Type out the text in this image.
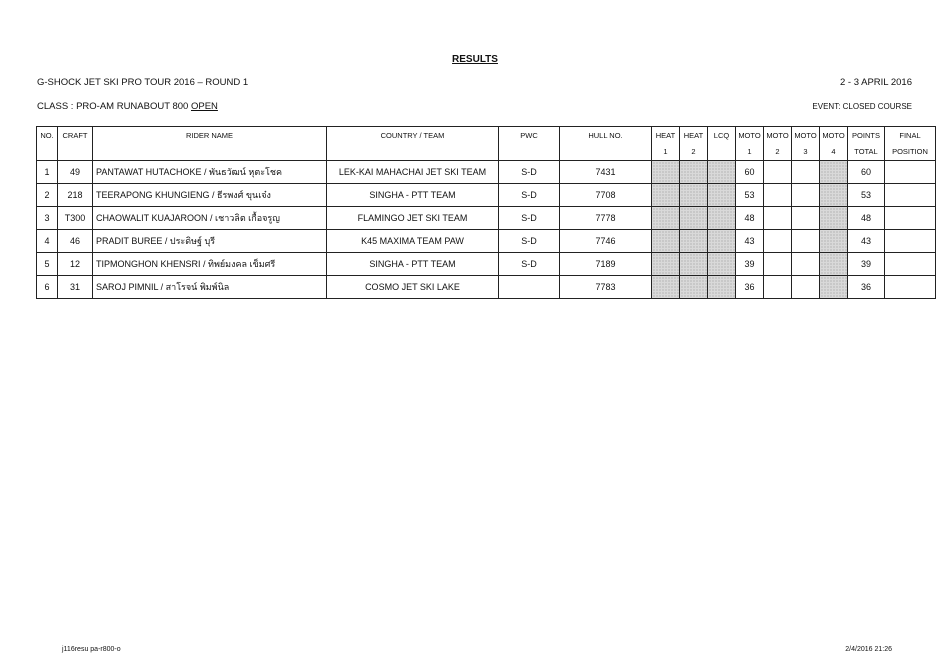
RESULTS
G-SHOCK JET SKI PRO TOUR 2016 – ROUND 1	2 - 3 APRIL 2016
CLASS : PRO-AM RUNABOUT 800 OPEN	EVENT: CLOSED COURSE
NO.	CRAFT	RIDER NAME	COUNTRY / TEAM	PWC	HULL NO.	HEAT	HEAT	LCQ	MOTO	MOTO	MOTO	MOTO	POINTS	FINAL
						1	2		1	2	3	4	TOTAL	POSITION
1	49	PANTAWAT HUTACHOKE / พันธวัฒน์ หุตะโชค	LEK-KAI MAHACHAI JET SKI TEAM	S-D	7431				60				60	
2	218	TEERAPONG KHUNGIENG / ธีรพงศ์ ขุนเจ๋ง	SINGHA - PTT TEAM	S-D	7708				53				53	
3	T300	CHAOWALIT KUAJAROON / เชาวลิต เกื้อจรูญ	FLAMINGO JET SKI TEAM	S-D	7778				48				48	
4	46	PRADIT BUREE / ประดิษฐ์ บุรี	K45 MAXIMA TEAM PAW	S-D	7746				43				43	
5	12	TIPMONGHON KHENSRI / ทิพย์มงคล เข็มศรี	SINGHA - PTT TEAM	S-D	7189				39				39	
6	31	SAROJ PIMNIL / สาโรจน์ พิมพ์นิล	COSMO JET SKI LAKE		7783				36				36	
j116resu pa-r800-o	2/4/2016 21:26
